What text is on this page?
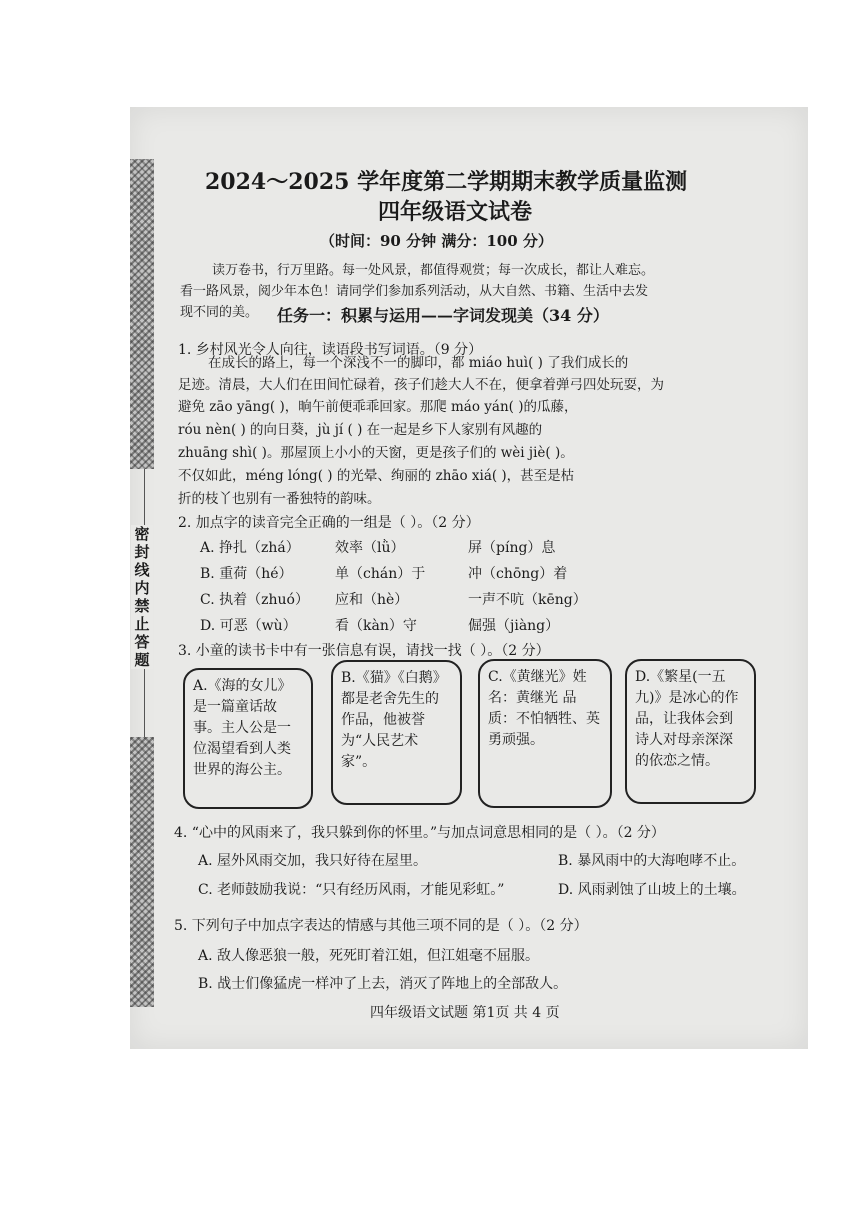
密封线内禁止答题
2024～2025 学年度第二学期期末教学质量监测
四年级语文试卷
（时间：90 分钟 满分：100 分）
读万卷书，行万里路。每一处风景，都值得观赏；每一次成长，都让人难忘。
看一路风景，阅少年本色！请同学们参加系列活动，从大自然、书籍、生活中去发
现不同的美。 任务一：积累与运用——字词发现美（34 分）
1. 乡村风光令人向往，读语段书写词语。（9 分）
在成长的路上，每一个深浅不一的脚印，都 miáo huì( ) 了我们成长的
足迹。清晨，大人们在田间忙碌着，孩子们趁大人不在，便拿着弹弓四处玩耍，为
避免 zāo yāng( )，晌午前便乖乖回家。那爬 máo yán( )的瓜藤，
róu nèn( ) 的向日葵，jù jí ( ) 在一起是乡下人家别有风趣的
zhuāng shì( )。那屋顶上小小的天窗，更是孩子们的 wèi jiè( )。
不仅如此，méng lóng( ) 的光晕、绚丽的 zhāo xiá( )，甚至是枯
折的枝丫也别有一番独特的韵味。
2. 加点字的读音完全正确的一组是（ ）。（2 分）
A. 挣扎（zhá）	效率（lǜ）	屏（píng）息
B. 重荷（hé）	单（chán）于	冲（chōng）着
C. 执着（zhuó） 应和（hè）	一声不吭（kēng）
D. 可恶（wù）	看（kàn）守	倔强（jiàng）
3. 小童的读书卡中有一张信息有误，请找一找（ ）。（2 分）
A.《海的女儿》是一篇童话故事。主人公是一位渴望看到人类世界的海公主。
B.《猫》《白鹅》都是老舍先生的作品，他被誉为“人民艺术家”。
C.《黄继光》姓名：黄继光 品质：不怕牺牲、英勇顽强。
D.《繁星(一五九)》是冰心的作品，让我体会到诗人对母亲深深的依恋之情。
4. “心中的风雨来了，我只躲到你的怀里。”与加点词意思相同的是（ ）。（2 分）
A. 屋外风雨交加，我只好待在屋里。	B. 暴风雨中的大海咆哮不止。
C. 老师鼓励我说：“只有经历风雨，才能见彩虹。”	D. 风雨剥蚀了山坡上的土壤。
5. 下列句子中加点字表达的情感与其他三项不同的是（ ）。（2 分）
A. 敌人像恶狼一般，死死盯着江姐，但江姐毫不屈服。
B. 战士们像猛虎一样冲了上去，消灭了阵地上的全部敌人。
四年级语文试题 第1页 共 4 页
